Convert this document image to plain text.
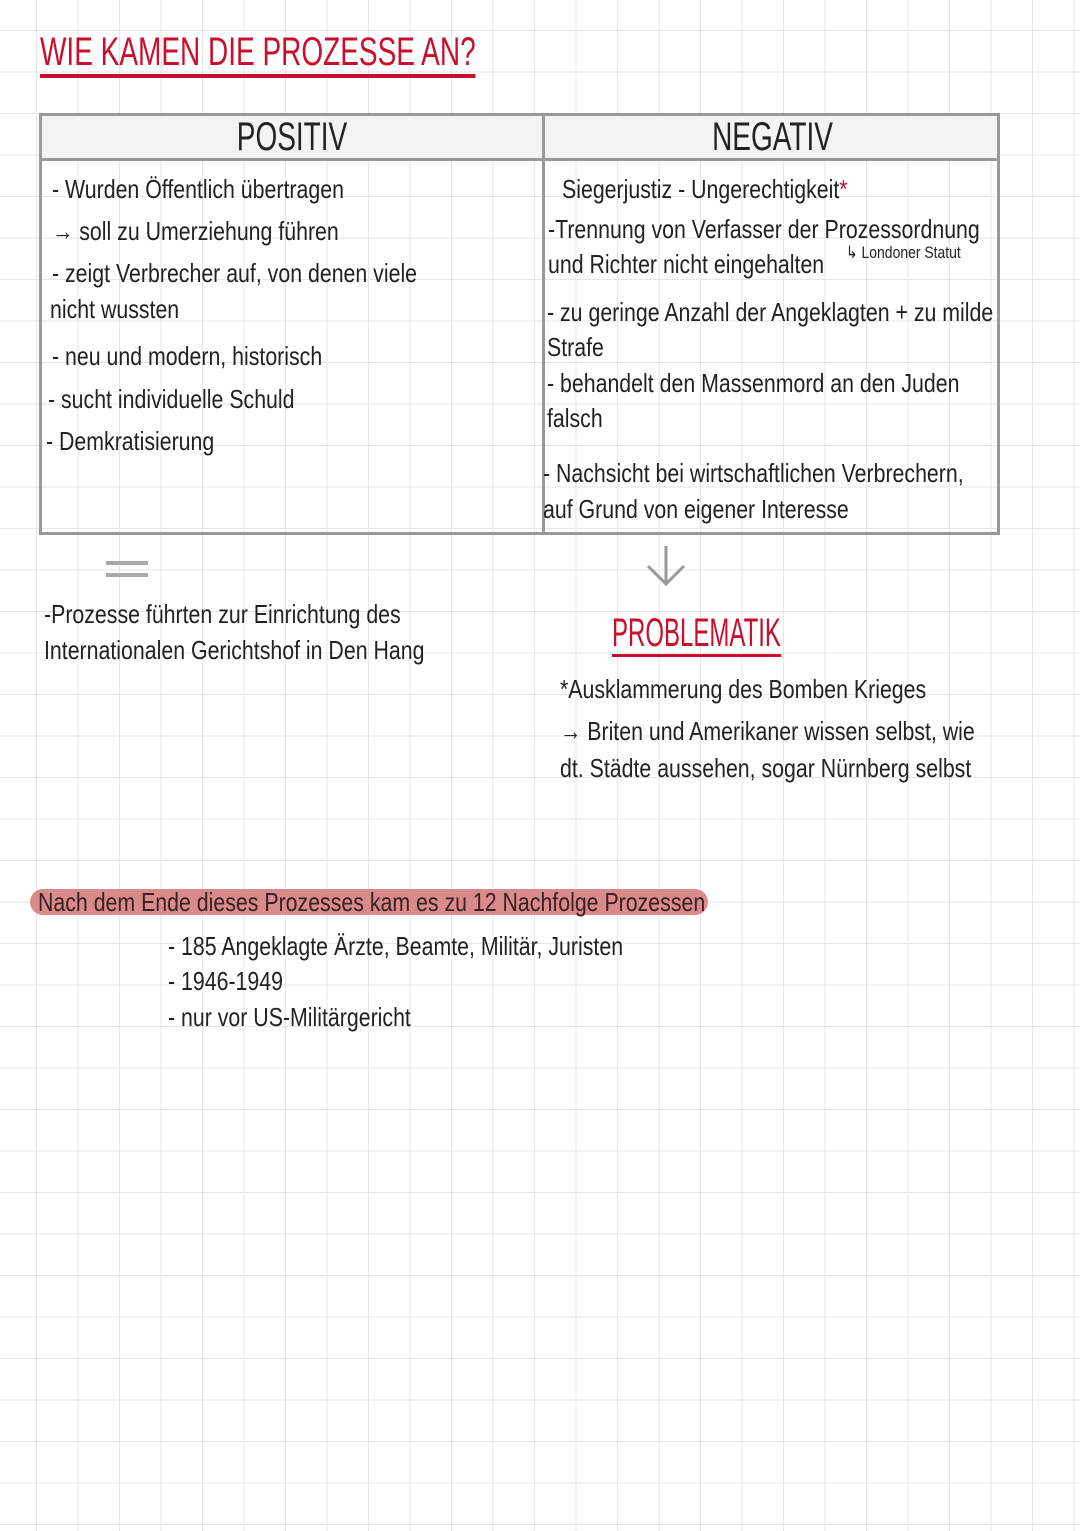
WIE KAMEN DIE PROZESSE AN?
POSITIV	NEGATIV
- Wurden Öffentlich übertragen
→ soll zu Umerziehung führen
- zeigt Verbrecher auf, von denen viele
nicht wussten
- neu und modern, historisch
- sucht individuelle Schuld
- Demkratisierung
Siegerjustiz - Ungerechtigkeit*
-Trennung von Verfasser der Prozessordnung
und Richter nicht eingehalten ↳ Londoner Statut
- zu geringe Anzahl der Angeklagten + zu milde
Strafe
- behandelt den Massenmord an den Juden
falsch
- Nachsicht bei wirtschaftlichen Verbrechern,
auf Grund von eigener Interesse
-Prozesse führten zur Einrichtung des
Internationalen Gerichtshof in Den Hang	PROBLEMATIK
*Ausklammerung des Bomben Krieges
→ Briten und Amerikaner wissen selbst, wie
dt. Städte aussehen, sogar Nürnberg selbst
Nach dem Ende dieses Prozesses kam es zu 12 Nachfolge Prozessen
- 185 Angeklagte Ärzte, Beamte, Militär, Juristen
- 1946-1949
- nur vor US-Militärgericht
